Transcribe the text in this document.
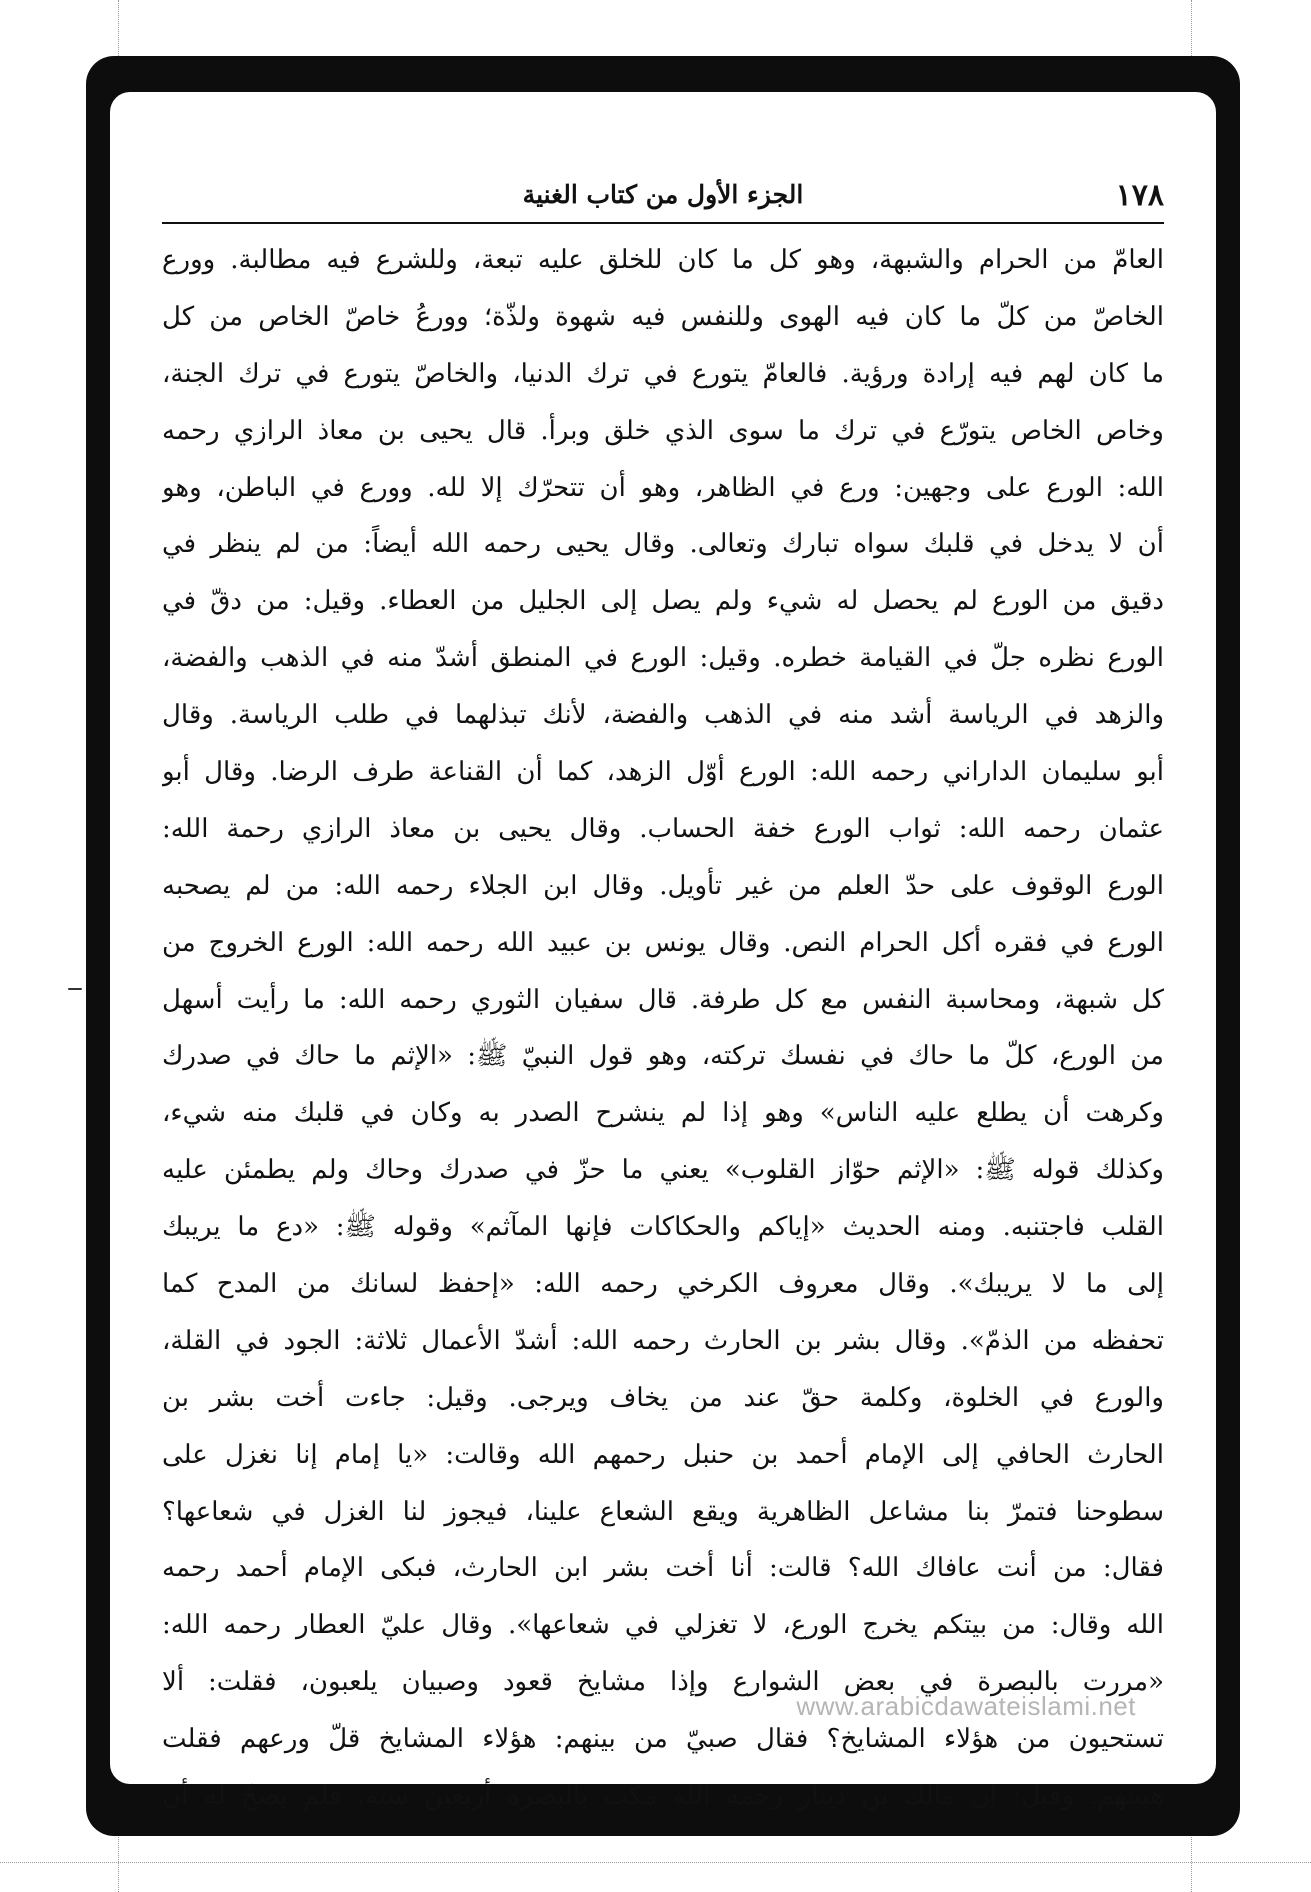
١٧٨
الجزء الأول من كتاب الغنية
العامّ من الحرام والشبهة، وهو كل ما كان للخلق عليه تبعة، وللشرع فيه مطالبة. وورع
الخاصّ من كلّ ما كان فيه الهوى وللنفس فيه شهوة ولذّة؛ وورعُ خاصّ الخاص من كل
ما كان لهم فيه إرادة ورؤية. فالعامّ يتورع في ترك الدنيا، والخاصّ يتورع في ترك الجنة،
وخاص الخاص يتورّع في ترك ما سوى الذي خلق وبرأ. قال يحيى بن معاذ الرازي رحمه
الله: الورع على وجهين: ورع في الظاهر، وهو أن تتحرّك إلا لله. وورع في الباطن، وهو
أن لا يدخل في قلبك سواه تبارك وتعالى. وقال يحيى رحمه الله أيضاً: من لم ينظر في
دقيق من الورع لم يحصل له شيء ولم يصل إلى الجليل من العطاء. وقيل: من دقّ في
الورع نظره جلّ في القيامة خطره. وقيل: الورع في المنطق أشدّ منه في الذهب والفضة،
والزهد في الرياسة أشد منه في الذهب والفضة، لأنك تبذلهما في طلب الرياسة. وقال
أبو سليمان الداراني رحمه الله: الورع أوّل الزهد، كما أن القناعة طرف الرضا. وقال أبو
عثمان رحمه الله: ثواب الورع خفة الحساب. وقال يحيى بن معاذ الرازي رحمة الله:
الورع الوقوف على حدّ العلم من غير تأويل. وقال ابن الجلاء رحمه الله: من لم يصحبه
الورع في فقره أكل الحرام النص. وقال يونس بن عبيد الله رحمه الله: الورع الخروج من
كل شبهة، ومحاسبة النفس مع كل طرفة. قال سفيان الثوري رحمه الله: ما رأيت أسهل
من الورع، كلّ ما حاك في نفسك تركته، وهو قول النبيّ ﷺ: «الإثم ما حاك في صدرك
وكرهت أن يطلع عليه الناس» وهو إذا لم ينشرح الصدر به وكان في قلبك منه شيء،
وكذلك قوله ﷺ: «الإثم حوّاز القلوب» يعني ما حزّ في صدرك وحاك ولم يطمئن عليه
القلب فاجتنبه. ومنه الحديث «إياكم والحكاكات فإنها المآثم» وقوله ﷺ: «دع ما يريبك
إلى ما لا يريبك». وقال معروف الكرخي رحمه الله: «إحفظ لسانك من المدح كما
تحفظه من الذمّ». وقال بشر بن الحارث رحمه الله: أشدّ الأعمال ثلاثة: الجود في القلة،
والورع في الخلوة، وكلمة حقّ عند من يخاف ويرجى. وقيل: جاءت أخت بشر بن
الحارث الحافي إلى الإمام أحمد بن حنبل رحمهم الله وقالت: «يا إمام إنا نغزل على
سطوحنا فتمرّ بنا مشاعل الظاهرية ويقع الشعاع علينا، فيجوز لنا الغزل في شعاعها؟
فقال: من أنت عافاك الله؟ قالت: أنا أخت بشر ابن الحارث، فبكى الإمام أحمد رحمه
الله وقال: من بيتكم يخرج الورع، لا تغزلي في شعاعها». وقال عليّ العطار رحمه الله:
«مررت بالبصرة في بعض الشوارع وإذا مشايخ قعود وصبيان يلعبون، فقلت: ألا
تستحيون من هؤلاء المشايخ؟ فقال صبيّ من بينهم: هؤلاء المشايخ قلّ ورعهم فقلت
هيبتهم. وقيل: إن مالك بن دينار رحمه الله مكث بالبصرة أربعين سنة، فلم يصحّ له أن
www.arabicdawateislami.net
